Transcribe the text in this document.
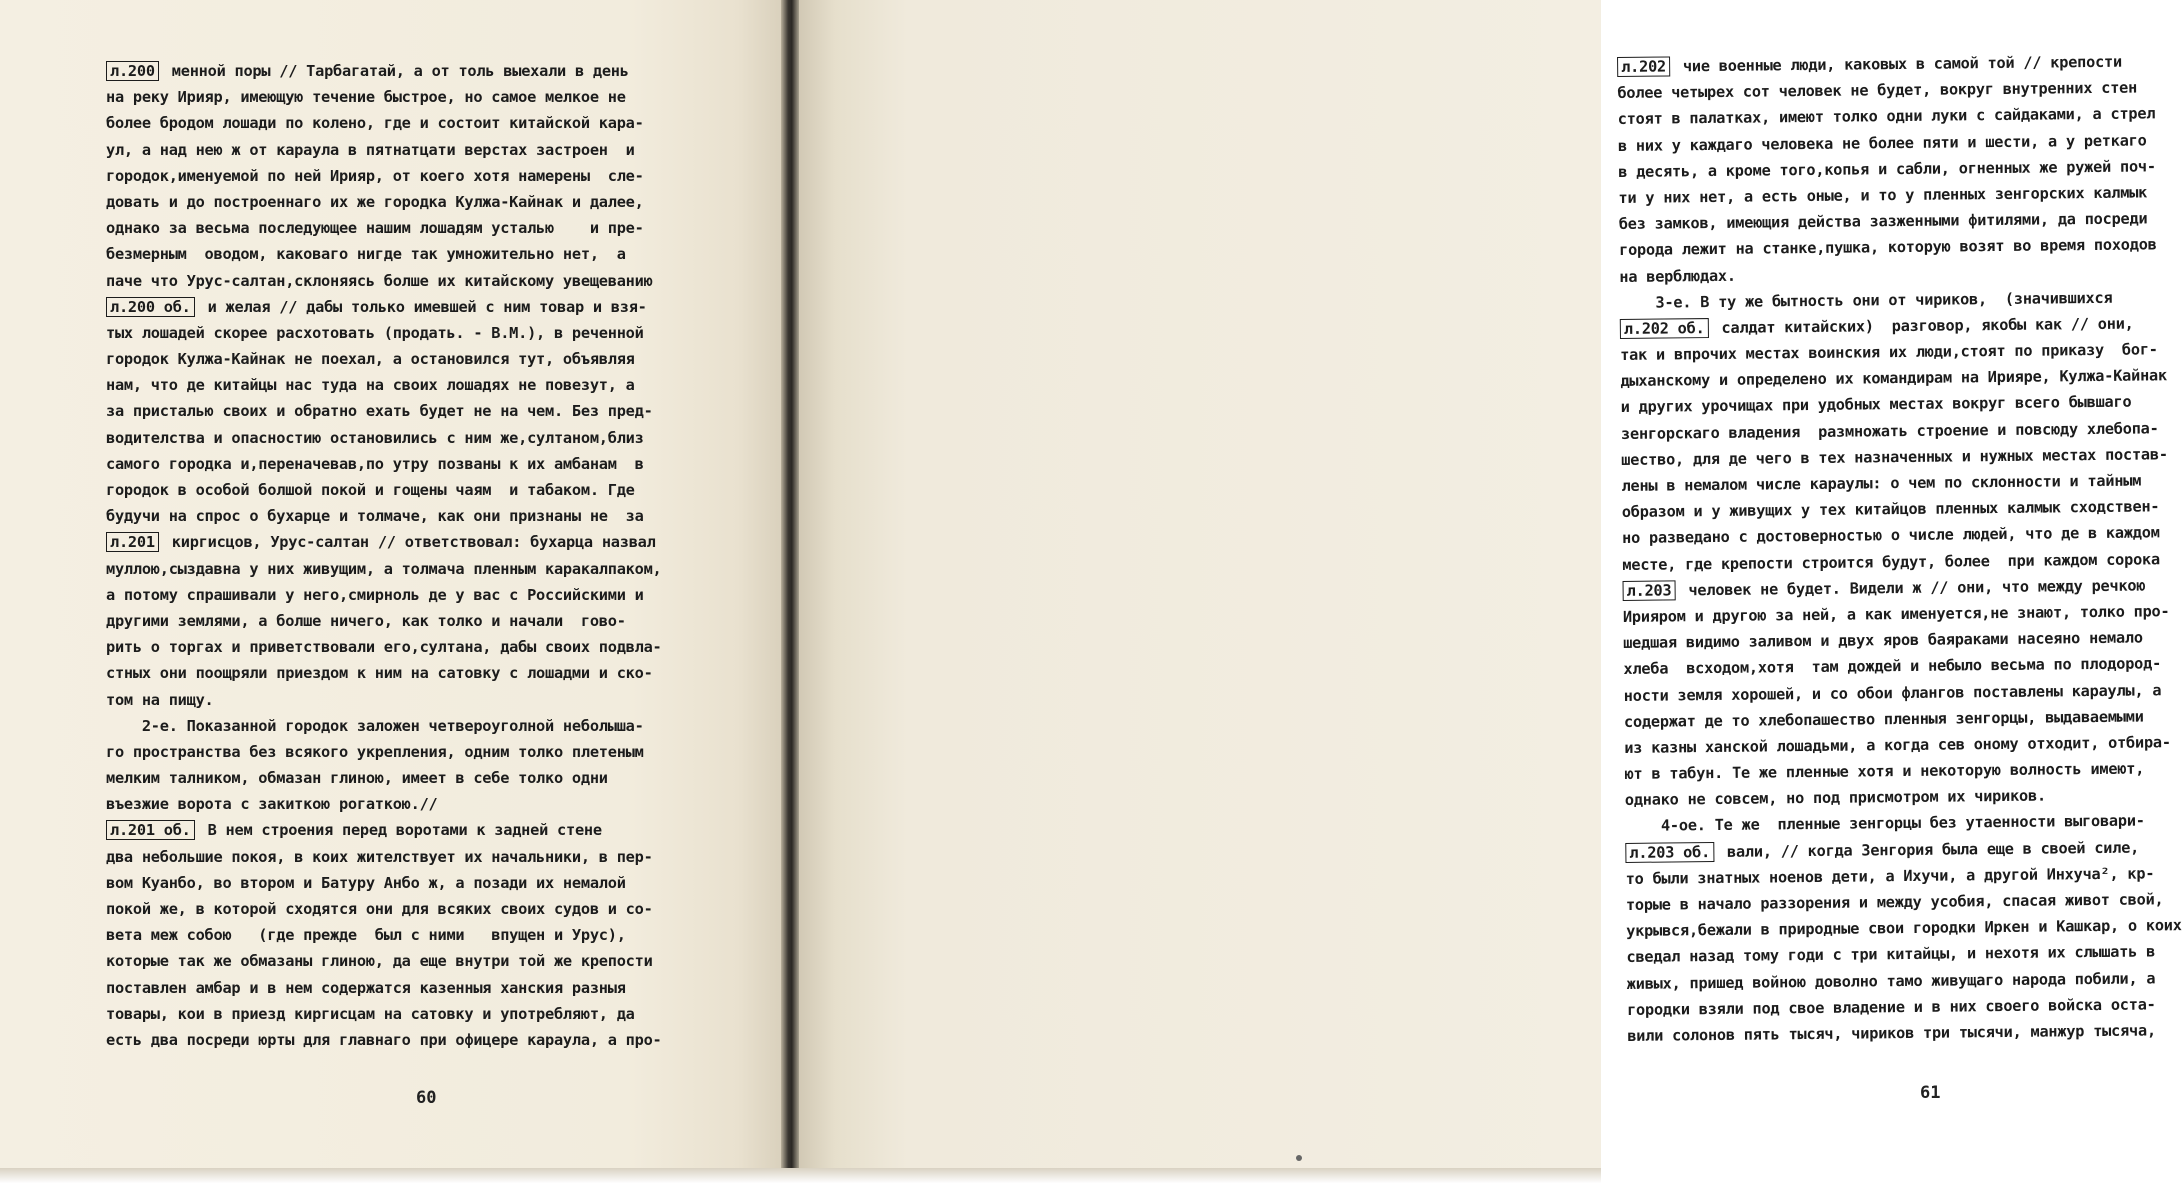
л.200 менной поры // Тарбагатай, а от толь выехали в день
на реку Ирияр, имеющую течение быстрое, но самое мелкое не
более бродом лошади по колено, где и состоит китайской кара-
ул, а над нею ж от караула в пятнатцати верстах застроен  и
городок,именуемой по ней Ирияр, от коего хотя намерены  сле-
довать и до построеннаго их же городка Кулжа-Кайнак и далее,
однако за весьма последующее нашим лошадям усталью    и пре-
безмерным  оводом, каковаго нигде так умножительно нет,  а
паче что Урус-салтан,склоняясь болше их китайскому увещеванию
л.200 об. и желая // дабы только имевшей с ним товар и взя-
тых лошадей скорее расхотовать (продать. - В.М.), в реченной
городок Кулжа-Кайнак не поехал, а остановился тут, объявляя
нам, что де китайцы нас туда на своих лошадях не повезут, а
за присталью своих и обратно ехать будет не на чем. Без пред-
водителства и опасностию остановились с ним же,султаном,близ
самого городка и,переначевав,по утру позваны к их амбанам  в
городок в особой болшой покой и гощены чаям  и табаком. Где
будучи на спрос о бухарце и толмаче, как они признаны не  за
л.201 киргисцов, Урус-салтан // ответствовал: бухарца назвал
муллою,сыздавна у них живущим, а толмача пленным каракалпаком,
а потому спрашивали у него,смирноль де у вас с Российскими и
другими землями, а болше ничего, как толко и начали  гово-
рить о торгах и приветствовали его,султана, дабы своих подвла-
стных они поощряли приездом к ним на сатовку с лошадми и ско-
том на пищу.
2-е. Показанной городок заложен четвероуголной неболыша-
го пространства без всякого укрепления, одним толко плетеным
мелким талником, обмазан глиною, имеет в себе толко одни
въезжие ворота с закиткою рогаткою.//
л.201 об. В нем строения перед воротами к задней стене
два небольшие покоя, в коих жителствует их начальники, в пер-
вом Куанбо, во втором и Батуру Анбо ж, а позади их немалой
покой же, в которой сходятся они для всяких своих судов и со-
вета меж собою   (где прежде  был с ними   впущен и Урус),
которые так же обмазаны глиною, да еще внутри той же крепости
поставлен амбар и в нем содержатся казенныя ханския разныя
товары, кои в приезд киргисцам на сатовку и употребляют, да
есть два посреди юрты для главнаго при офицере караула, а про-
60
л.202 чие военные люди, каковых в самой той // крепости
более четырех сот человек не будет, вокруг внутренних стен
стоят в палатках, имеют толко одни луки с сайдаками, а стрел
в них у каждаго человека не более пяти и шести, а у реткаго
в десять, а кроме того,копья и сабли, огненных же ружей поч-
ти у них нет, а есть оные, и то у пленных зенгорских калмык
без замков, имеющия действа зазженными фитилями, да посреди
города лежит на станке,пушка, которую возят во время походов
на верблюдах.
3-е. В ту же бытность они от чириков,  (значившихся
л.202 об. салдат китайских)  разговор, якобы как // они,
так и впрочих местах воинския их люди,стоят по приказу  бог-
дыханскому и определено их командирам на Ирияре, Кулжа-Кайнак
и других урочищах при удобных местах вокруг всего бывшаго
зенгорскаго владения  размножать строение и повсюду хлебопа-
шество, для де чего в тех назначенных и нужных местах постав-
лены в немалом числе караулы: о чем по склонности и тайным
образом и у живущих у тех китайцов пленных калмык сходствен-
но разведано с достоверностью о числе людей, что де в каждом
месте, где крепости строится будут, более  при каждом сорока
л.203 человек не будет. Видели ж // они, что между речкою
Ирияром и другою за ней, а как именуется,не знают, толко про-
шедшая видимо заливом и двух яров баяраками насеяно немало
хлеба  всходом,хотя  там дождей и небыло весьма по плодород-
ности земля хорошей, и со обои флангов поставлены караулы, а
содержат де то хлебопашество пленныя зенгорцы, выдаваемыми
из казны ханской лошадьми, а когда сев оному отходит, отбира-
ют в табун. Те же пленные хотя и некоторую волность имеют,
однако не совсем, но под присмотром их чириков.
4-ое. Те же  пленные зенгорцы без утаенности выговари-
л.203 об. вали, // когда Зенгория была еще в своей силе,
то были знатных ноенов дети, а Ихучи, а другой Инхуча², кр-
торые в начало раззорения и между усобия, спасая живот свой,
укрывся,бежали в природные свои городки Иркен и Кашкар, о коих
сведал назад тому годи с три китайцы, и нехотя их слышать в
живых, пришед войною доволно тамо живущаго народа побили, а
городки взяли под свое владение и в них своего войска оста-
вили солонов пять тысяч, чириков три тысячи, манжур тысяча,
61
